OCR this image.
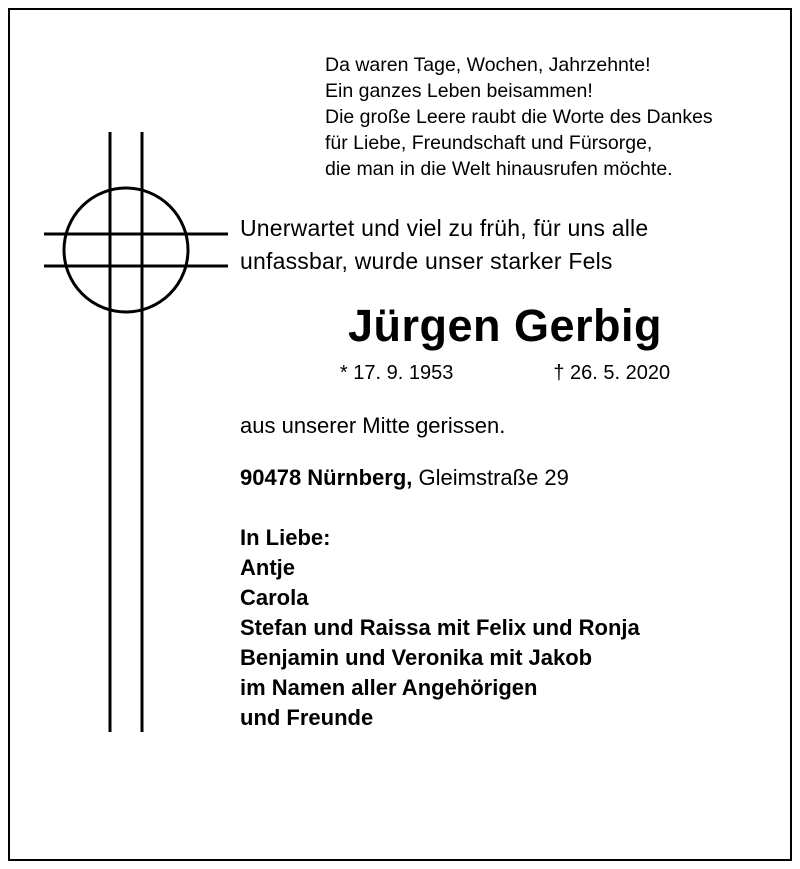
Da waren Tage, Wochen, Jahrzehnte!
Ein ganzes Leben beisammen!
Die große Leere raubt die Worte des Dankes
für Liebe, Freundschaft und Fürsorge,
die man in die Welt hinausrufen möchte.
Unerwartet und viel zu früh, für uns alle
unfassbar, wurde unser starker Fels
Jürgen Gerbig
* 17. 9. 1953	† 26. 5. 2020
aus unserer Mitte gerissen.
90478 Nürnberg, Gleimstraße 29
In Liebe:
Antje
Carola
Stefan und Raissa mit Felix und Ronja
Benjamin und Veronika mit Jakob
im Namen aller Angehörigen
und Freunde
